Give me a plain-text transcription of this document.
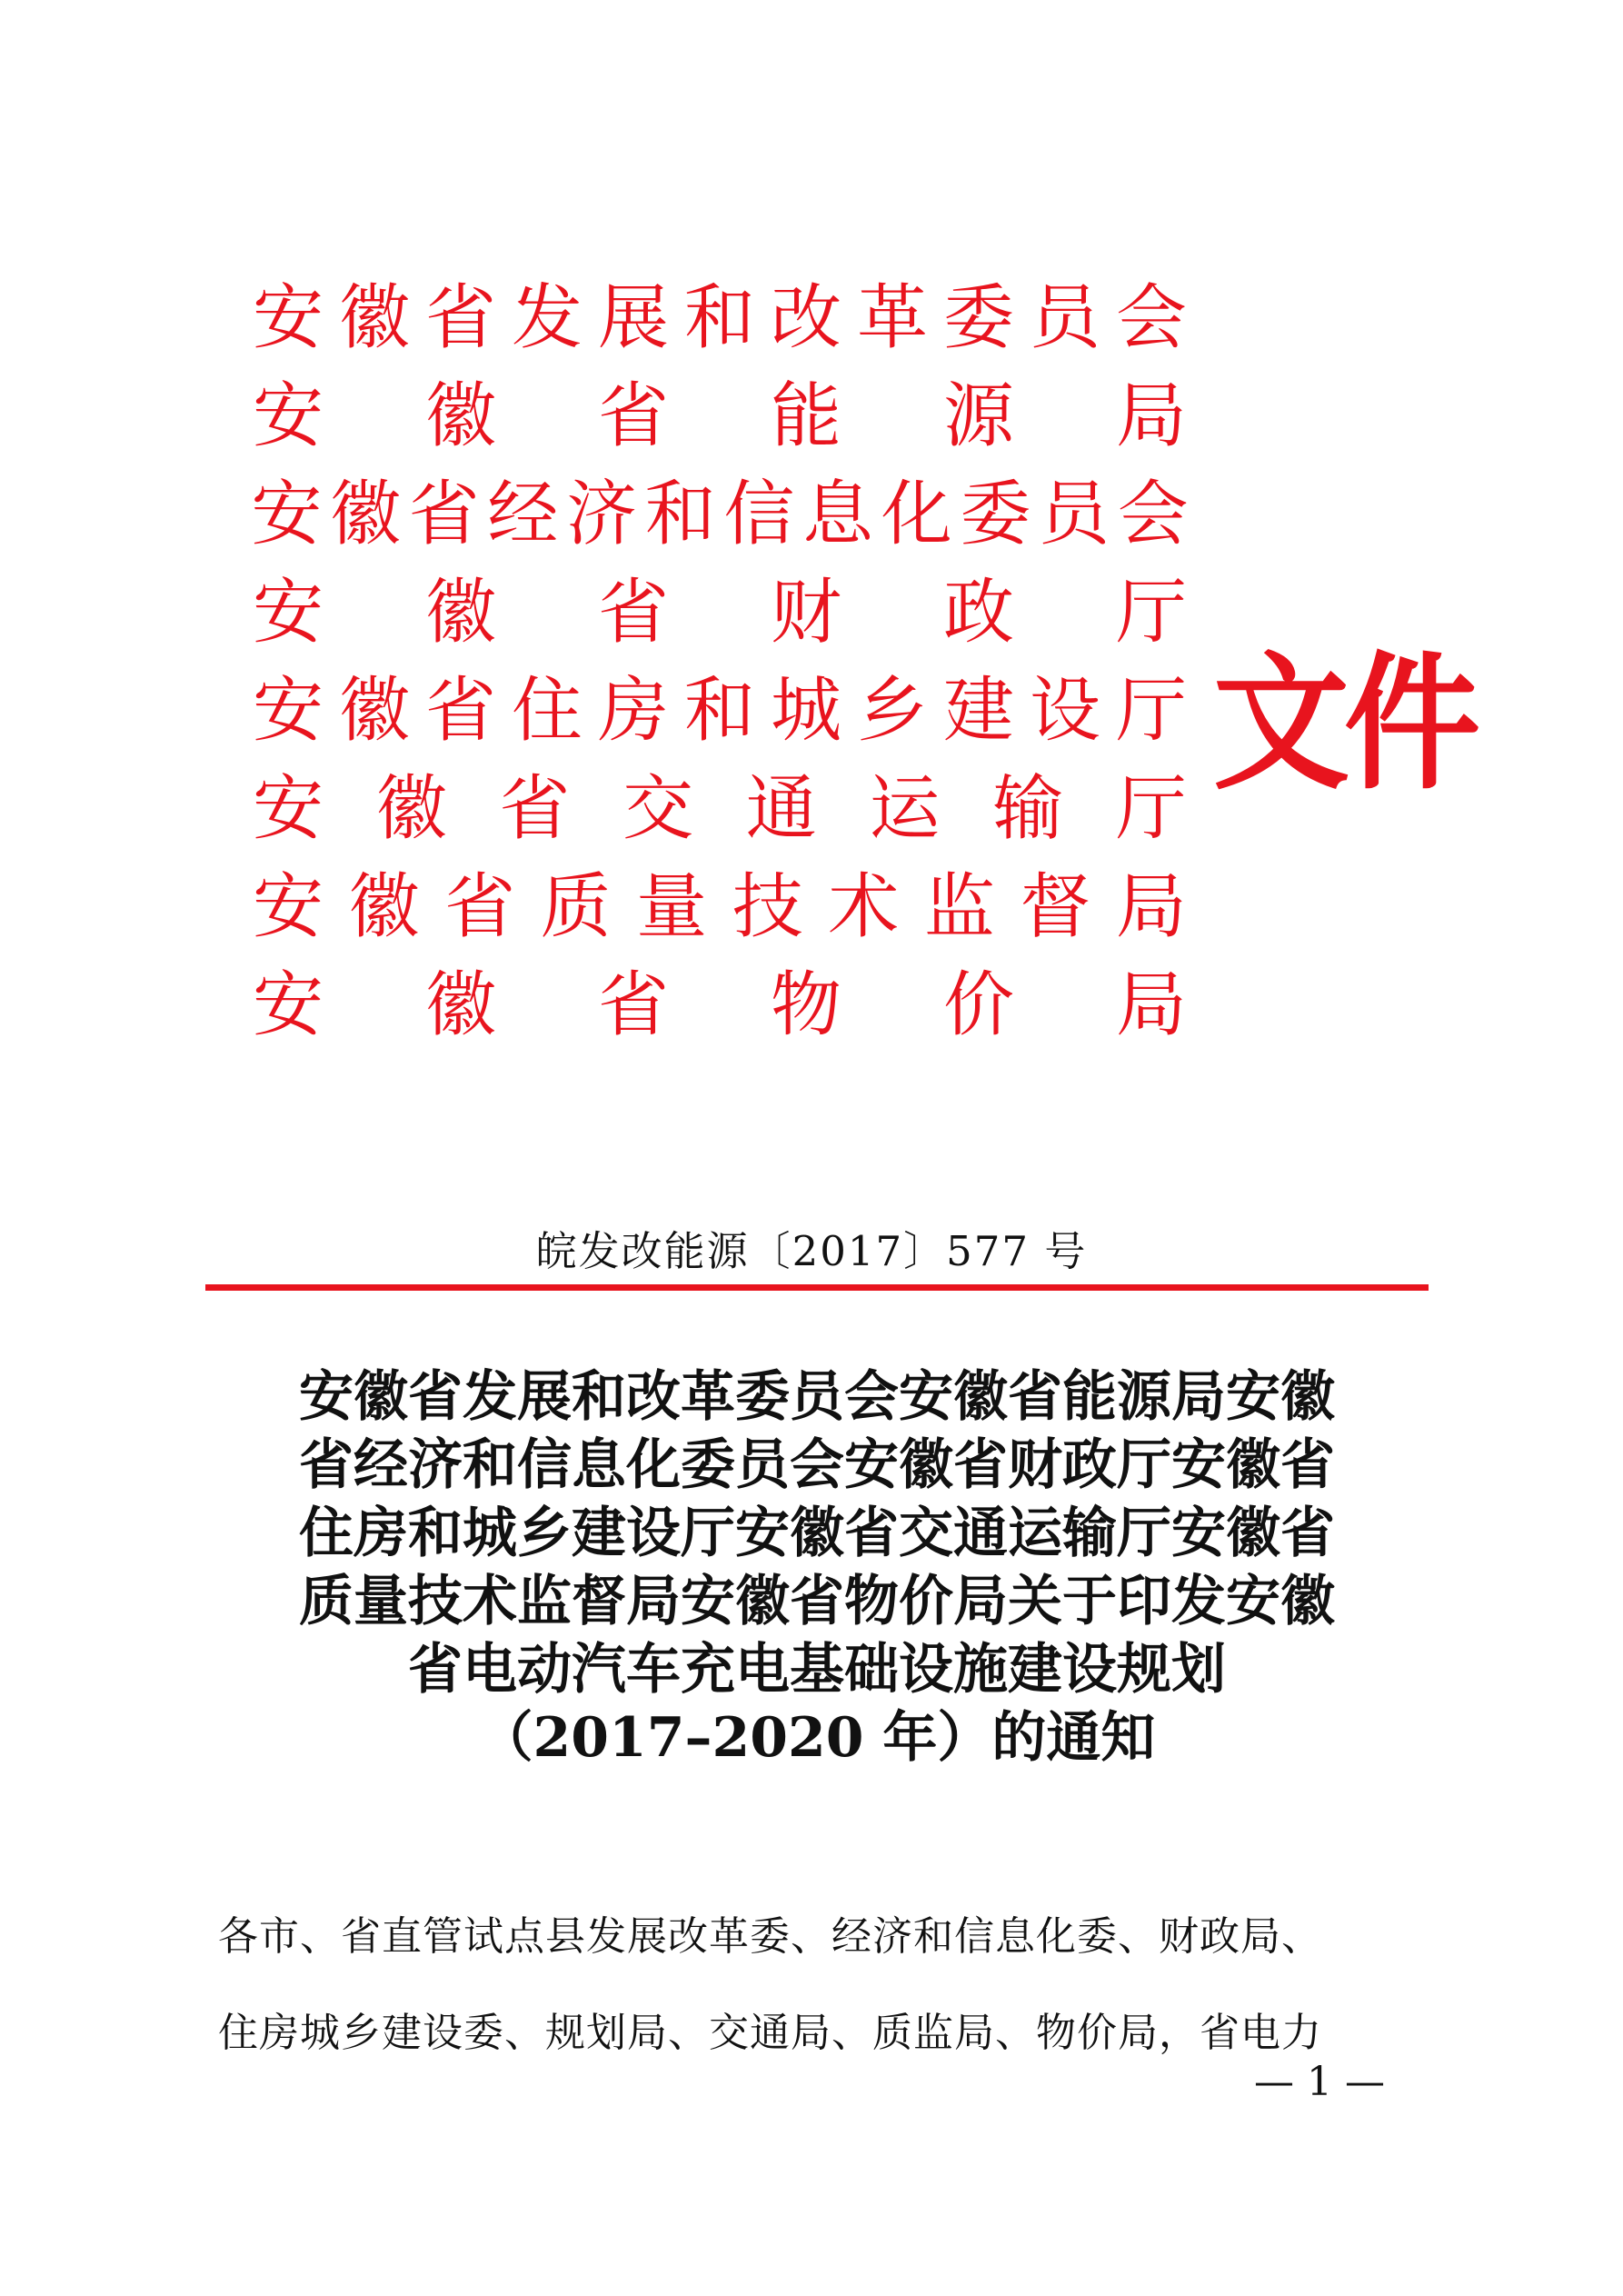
安 徽 省 发 展 和 改 革 委 员 会
安 徽 省 能 源 局
安 徽 省 经 济 和 信 息 化 委 员 会
安 徽 省 财 政 厅
安 徽 省 住 房 和 城 乡 建 设 厅
安 徽 省 交 通 运 输 厅
安 徽 省 质 量 技 术 监 督 局
安 徽 省 物 价 局
文件
皖发改能源〔2017〕577 号
安徽省发展和改革委员会安徽省能源局安徽
省经济和信息化委员会安徽省财政厅安徽省
住房和城乡建设厅安徽省交通运输厅安徽省
质量技术监督局安徽省物价局关于印发安徽
省电动汽车充电基础设施建设规划
（2017–2020 年）的通知
各市、省直管试点县发展改革委、经济和信息化委、财政局、
住房城乡建设委、规划局、交通局、质监局、物价局，省电力
— 1 —
